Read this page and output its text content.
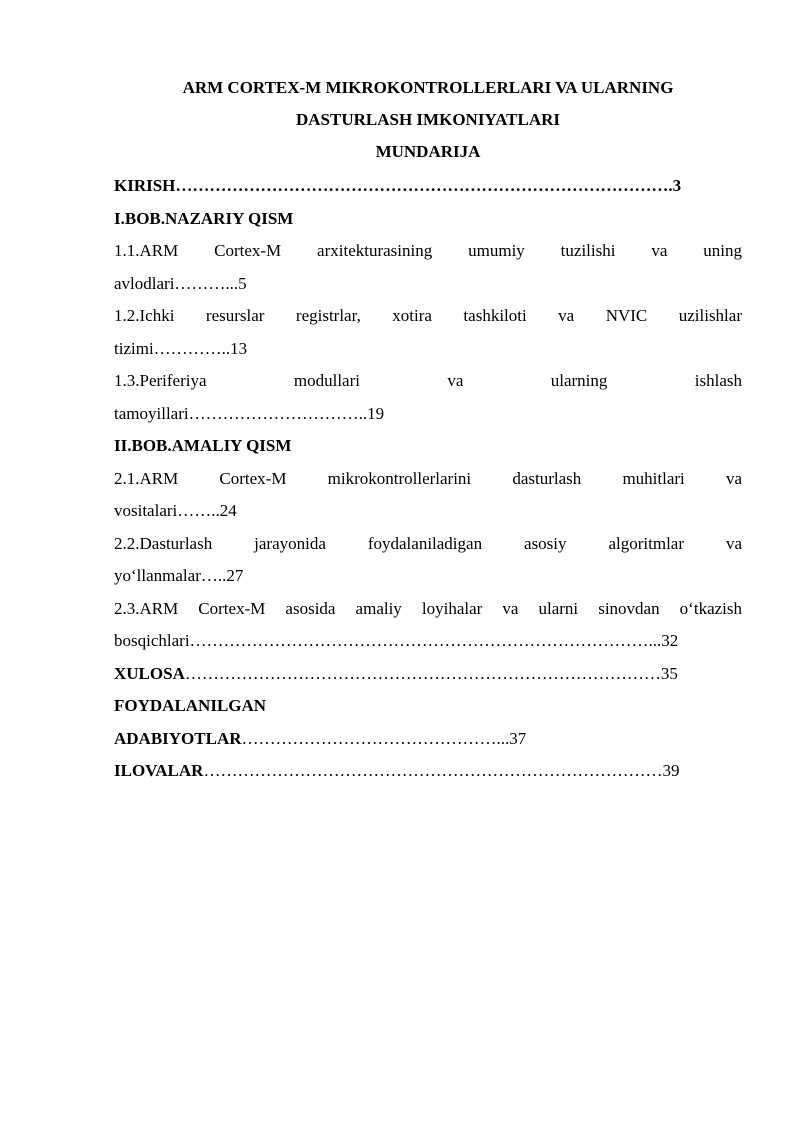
ARM CORTEX-M MIKROKONTROLLERLARI VA ULARNING
DASTURLASH IMKONIYATLARI
MUNDARIJA
KIRISH…………………………………………………………………………….3
I.BOB.NAZARIY QISM
1.1.ARM Cortex-M arxitekturasining umumiy tuzilishi va uning
avlodlari………...5
1.2.Ichki resurslar registrlar, xotira tashkiloti va NVIC uzilishlar
tizimi…………..13
1.3.Periferiya modullari va ularning ishlash
tamoyillari…………………………..19
II.BOB.AMALIY QISM
2.1.ARM Cortex-M mikrokontrollerlarini dasturlash muhitlari va
vositalari……..24
2.2.Dasturlash jarayonida foydalaniladigan asosiy algoritmlar va
yo‘llanmalar…..27
2.3.ARM Cortex-M asosida amaliy loyihalar va ularni sinovdan o‘tkazish
bosqichlari………………………………………………………………………...32
XULOSA…………………………………………………………………………35
FOYDALANILGAN
ADABIYOTLAR………………………………………...37
ILOVALAR………………………………………………………………………39
